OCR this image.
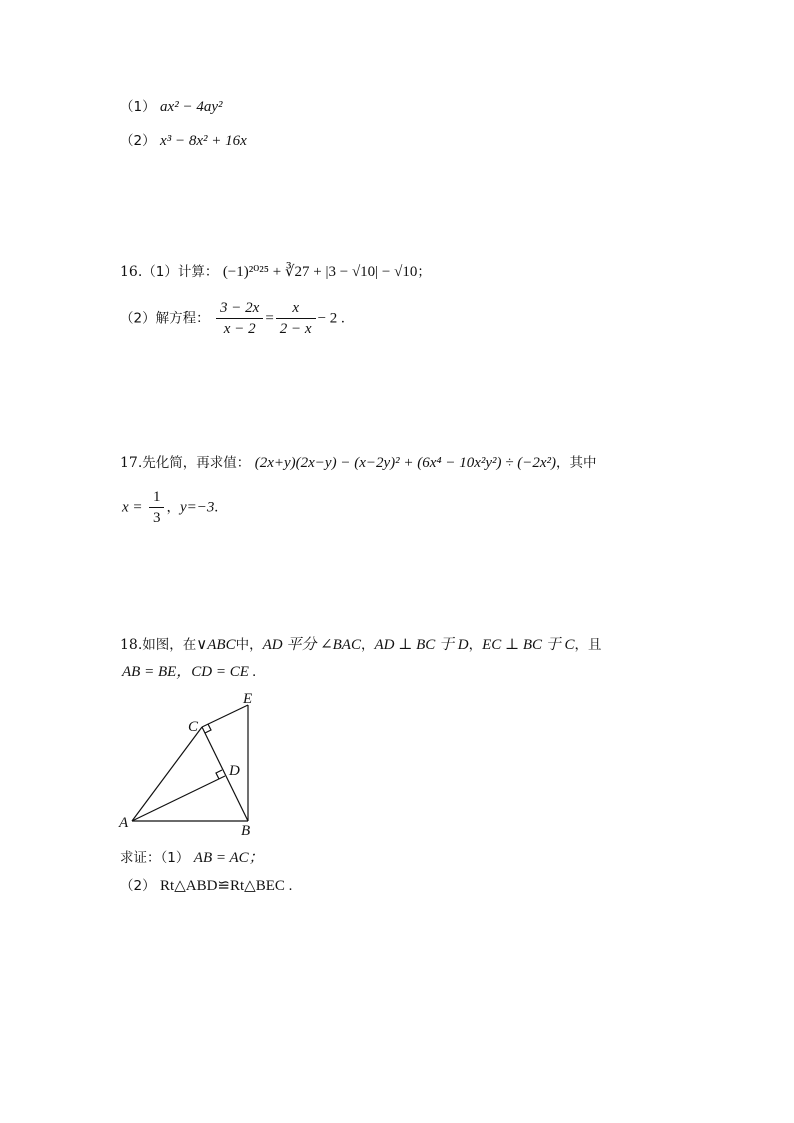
（1） ax² − 4ay²
（2） x³ − 8x² + 16x
16.（1）计算： (−1)²⁰²⁵ + ∛27 + |3 − √10| − √10；
（2）解方程： $\frac{3 - 2x}{x - 2} = \frac{x}{2 - x} - 2$ .
17.先化简，再求值： (2x+y)(2x−y) − (x−2y)² + (6x⁴ − 10x²y²) ÷ (−2x²)，其中
$x = \frac{1}{3}$ ，y=−3.
18.如图，在∨ABC中，AD 平分 ∠BAC，AD ⊥ BC 于 D，EC ⊥ BC 于 C，且
AB = BE，CD = CE .
E
C
D
A	B
求证：（1） AB = AC；
（2） Rt△ABD≌Rt△BEC .
